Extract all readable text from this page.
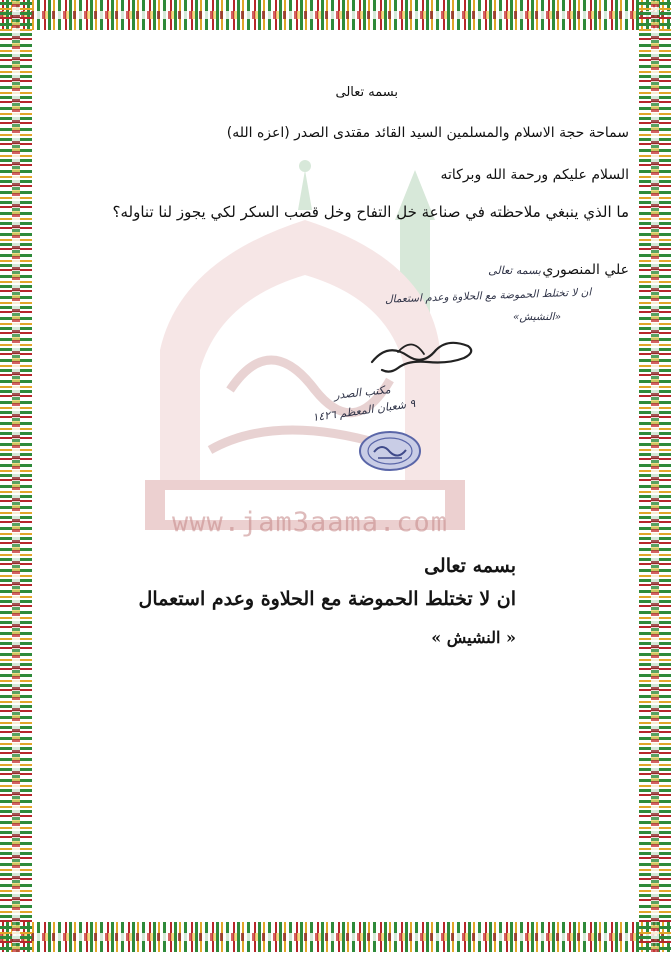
www.jam3aama.com
بسمه تعالى
سماحة حجة الاسلام والمسلمين السيد القائد مقتدى الصدر (اعزه الله)
السلام عليكم ورحمة الله وبركاته
ما الذي ينبغي ملاحظته في صناعة خل التفاح وخل قصب السكر لكي يجوز لنا تناوله؟
علي المنصوري
بسمه تعالى
ان لا تختلط الحموضة مع الحلاوة وعدم استعمال
«النشيش»
مكتب الصدر
٩ شعبان المعظم ١٤٢٦
بسمه تعالى
ان لا تختلط الحموضة مع الحلاوة وعدم استعمال
« النشيش »
